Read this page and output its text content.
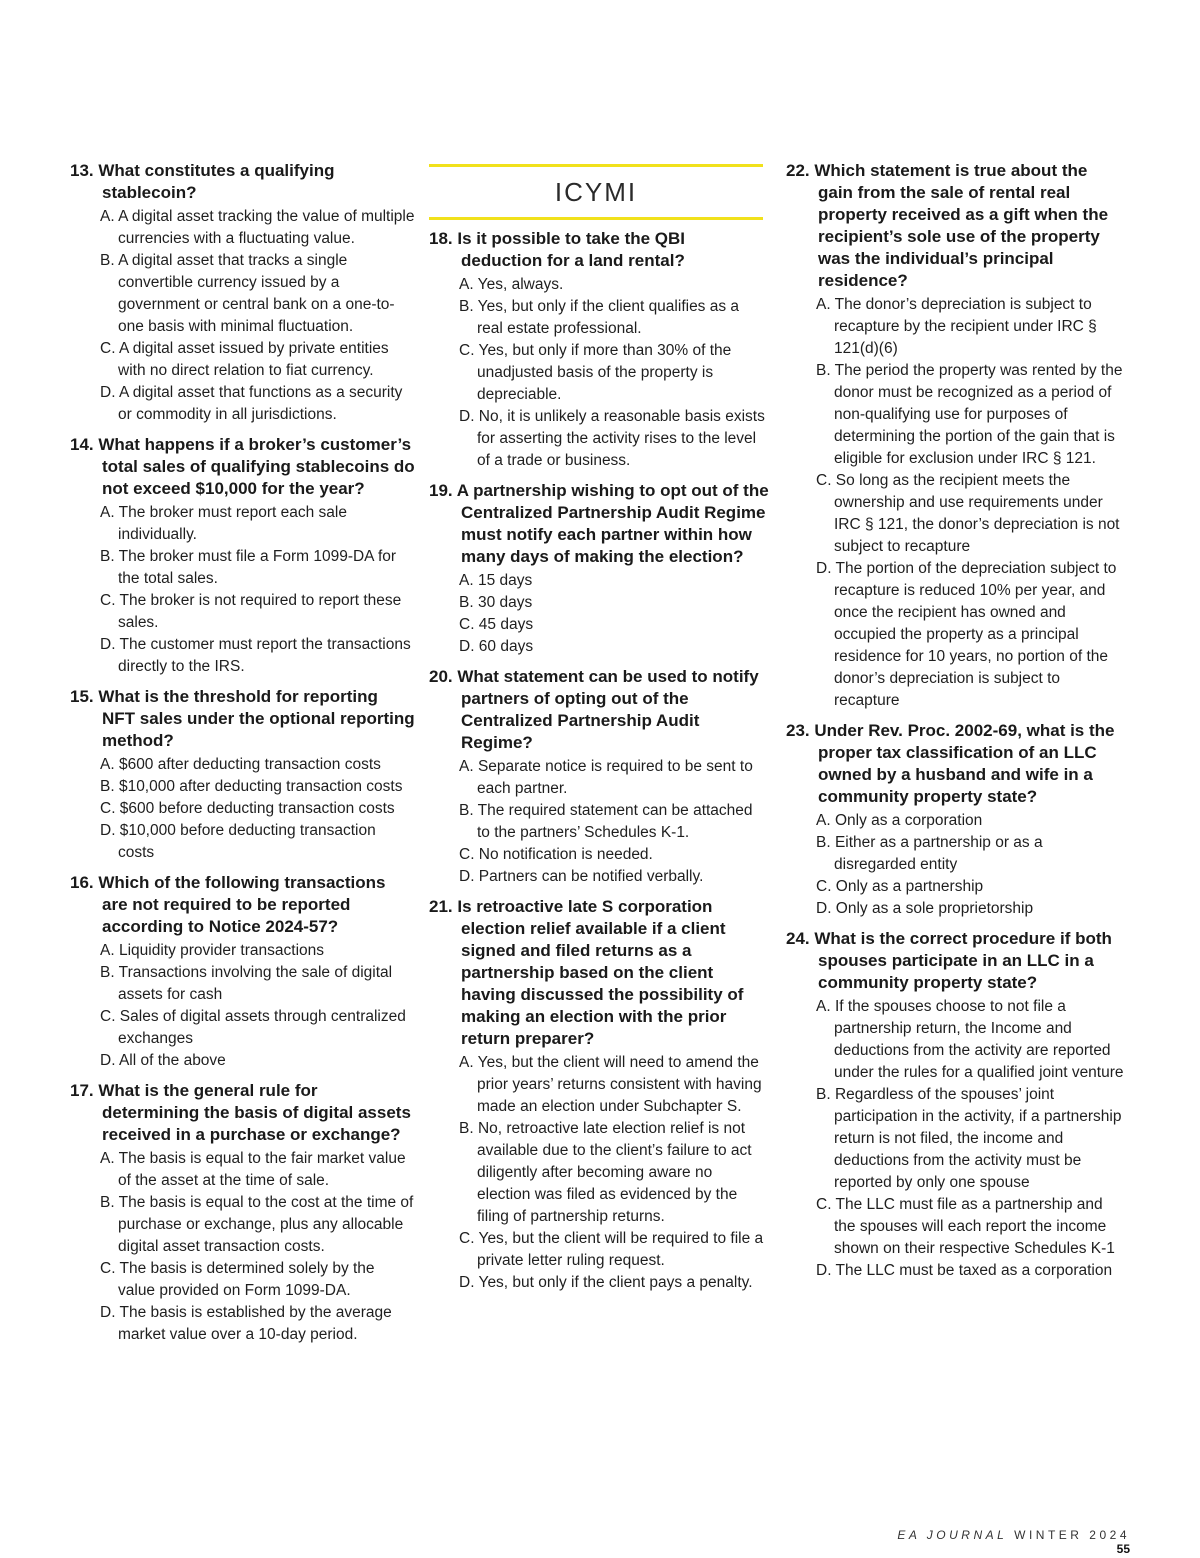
13. What constitutes a qualifying stablecoin?
A. A digital asset tracking the value of multiple currencies with a fluctuating value.
B. A digital asset that tracks a single convertible currency issued by a government or central bank on a one-to-one basis with minimal fluctuation.
C. A digital asset issued by private entities with no direct relation to fiat currency.
D. A digital asset that functions as a security or commodity in all jurisdictions.
14. What happens if a broker’s customer’s total sales of qualifying stablecoins do not exceed $10,000 for the year?
A. The broker must report each sale individually.
B. The broker must file a Form 1099-DA for the total sales.
C. The broker is not required to report these sales.
D. The customer must report the transactions directly to the IRS.
15. What is the threshold for reporting NFT sales under the optional reporting method?
A. $600 after deducting transaction costs
B. $10,000 after deducting transaction costs
C. $600 before deducting transaction costs
D. $10,000 before deducting transaction costs
16. Which of the following transactions are not required to be reported according to Notice 2024-57?
A. Liquidity provider transactions
B. Transactions involving the sale of digital assets for cash
C. Sales of digital assets through centralized exchanges
D. All of the above
17. What is the general rule for determining the basis of digital assets received in a purchase or exchange?
A. The basis is equal to the fair market value of the asset at the time of sale.
B. The basis is equal to the cost at the time of purchase or exchange, plus any allocable digital asset transaction costs.
C. The basis is determined solely by the value provided on Form 1099-DA.
D. The basis is established by the average market value over a 10-day period.
ICYMI
18. Is it possible to take the QBI deduction for a land rental?
A. Yes, always.
B. Yes, but only if the client qualifies as a real estate professional.
C. Yes, but only if more than 30% of the unadjusted basis of the property is depreciable.
D. No, it is unlikely a reasonable basis exists for asserting the activity rises to the level of a trade or business.
19. A partnership wishing to opt out of the Centralized Partnership Audit Regime must notify each partner within how many days of making the election?
A. 15 days
B. 30 days
C. 45 days
D. 60 days
20. What statement can be used to notify partners of opting out of the Centralized Partnership Audit Regime?
A. Separate notice is required to be sent to each partner.
B. The required statement can be attached to the partners’ Schedules K-1.
C. No notification is needed.
D. Partners can be notified verbally.
21. Is retroactive late S corporation election relief available if a client signed and filed returns as a partnership based on the client having discussed the possibility of making an election with the prior return preparer?
A. Yes, but the client will need to amend the prior years’ returns consistent with having made an election under Subchapter S.
B. No, retroactive late election relief is not available due to the client’s failure to act diligently after becoming aware no election was filed as evidenced by the filing of partnership returns.
C. Yes, but the client will be required to file a private letter ruling request.
D. Yes, but only if the client pays a penalty.
22. Which statement is true about the gain from the sale of rental real property received as a gift when the recipient’s sole use of the property was the individual’s principal residence?
A. The donor’s depreciation is subject to recapture by the recipient under IRC § 121(d)(6)
B. The period the property was rented by the donor must be recognized as a period of non-qualifying use for purposes of determining the portion of the gain that is eligible for exclusion under IRC § 121.
C. So long as the recipient meets the ownership and use requirements under IRC § 121, the donor’s depreciation is not subject to recapture
D. The portion of the depreciation subject to recapture is reduced 10% per year, and once the recipient has owned and occupied the property as a principal residence for 10 years, no portion of the donor’s depreciation is subject to recapture
23. Under Rev. Proc. 2002-69, what is the proper tax classification of an LLC owned by a husband and wife in a community property state?
A. Only as a corporation
B. Either as a partnership or as a disregarded entity
C. Only as a partnership
D. Only as a sole proprietorship
24. What is the correct procedure if both spouses participate in an LLC in a community property state?
A. If the spouses choose to not file a partnership return, the Income and deductions from the activity are reported under the rules for a qualified joint venture
B. Regardless of the spouses’ joint participation in the activity, if a partnership return is not filed, the income and deductions from the activity must be reported by only one spouse
C. The LLC must file as a partnership and the spouses will each report the income shown on their respective Schedules K-1
D. The LLC must be taxed as a corporation
EA JOURNAL WINTER 2024 55
